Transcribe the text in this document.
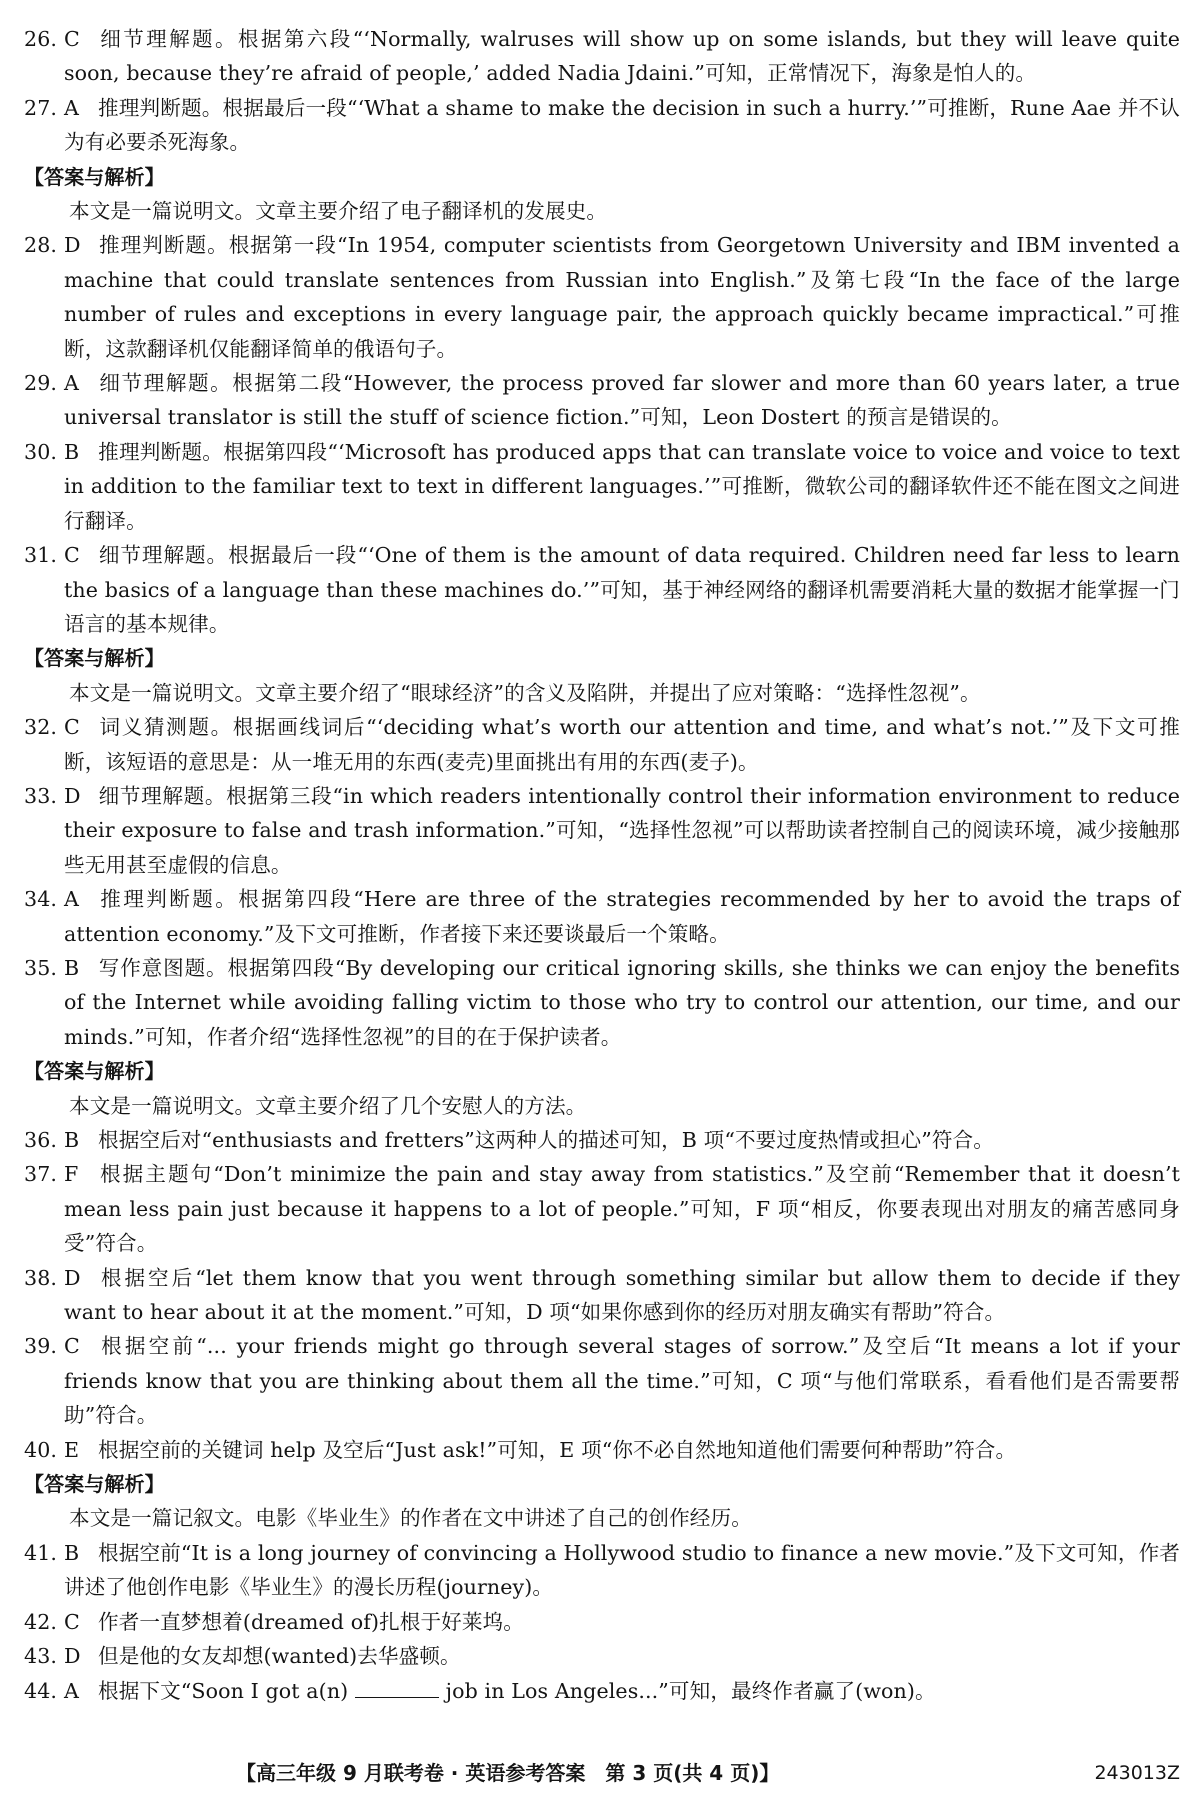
26. C 细节理解题。根据第六段“‘Normally, walruses will show up on some islands, but they will leave quite soon, because they’re afraid of people,’ added Nadia Jdaini.”可知，正常情况下，海象是怕人的。
27. A 推理判断题。根据最后一段“‘What a shame to make the decision in such a hurry.’”可推断，Rune Aae 并不认为有必要杀死海象。
【答案与解析】
本文是一篇说明文。文章主要介绍了电子翻译机的发展史。
28. D 推理判断题。根据第一段“In 1954, computer scientists from Georgetown University and IBM invented a machine that could translate sentences from Russian into English.”及第七段“In the face of the large number of rules and exceptions in every language pair, the approach quickly became impractical.”可推断，这款翻译机仅能翻译简单的俄语句子。
29. A 细节理解题。根据第二段“However, the process proved far slower and more than 60 years later, a true universal translator is still the stuff of science fiction.”可知，Leon Dostert 的预言是错误的。
30. B 推理判断题。根据第四段“‘Microsoft has produced apps that can translate voice to voice and voice to text in addition to the familiar text to text in different languages.’”可推断，微软公司的翻译软件还不能在图文之间进行翻译。
31. C 细节理解题。根据最后一段“‘One of them is the amount of data required. Children need far less to learn the basics of a language than these machines do.’”可知，基于神经网络的翻译机需要消耗大量的数据才能掌握一门语言的基本规律。
【答案与解析】
本文是一篇说明文。文章主要介绍了“眼球经济”的含义及陷阱，并提出了应对策略：“选择性忽视”。
32. C 词义猜测题。根据画线词后“‘deciding what’s worth our attention and time, and what’s not.’”及下文可推断，该短语的意思是：从一堆无用的东西(麦壳)里面挑出有用的东西(麦子)。
33. D 细节理解题。根据第三段“in which readers intentionally control their information environment to reduce their exposure to false and trash information.”可知，“选择性忽视”可以帮助读者控制自己的阅读环境，减少接触那些无用甚至虚假的信息。
34. A 推理判断题。根据第四段“Here are three of the strategies recommended by her to avoid the traps of attention economy.”及下文可推断，作者接下来还要谈最后一个策略。
35. B 写作意图题。根据第四段“By developing our critical ignoring skills, she thinks we can enjoy the benefits of the Internet while avoiding falling victim to those who try to control our attention, our time, and our minds.”可知，作者介绍“选择性忽视”的目的在于保护读者。
【答案与解析】
本文是一篇说明文。文章主要介绍了几个安慰人的方法。
36. B 根据空后对“enthusiasts and fretters”这两种人的描述可知，B 项“不要过度热情或担心”符合。
37. F 根据主题句“Don’t minimize the pain and stay away from statistics.”及空前“Remember that it doesn’t mean less pain just because it happens to a lot of people.”可知，F 项“相反，你要表现出对朋友的痛苦感同身受”符合。
38. D 根据空后“let them know that you went through something similar but allow them to decide if they want to hear about it at the moment.”可知，D 项“如果你感到你的经历对朋友确实有帮助”符合。
39. C 根据空前“... your friends might go through several stages of sorrow.”及空后“It means a lot if your friends know that you are thinking about them all the time.”可知，C 项“与他们常联系，看看他们是否需要帮助”符合。
40. E 根据空前的关键词 help 及空后“Just ask!”可知，E 项“你不必自然地知道他们需要何种帮助”符合。
【答案与解析】
本文是一篇记叙文。电影《毕业生》的作者在文中讲述了自己的创作经历。
41. B 根据空前“It is a long journey of convincing a Hollywood studio to finance a new movie.”及下文可知，作者讲述了他创作电影《毕业生》的漫长历程(journey)。
42. C 作者一直梦想着(dreamed of)扎根于好莱坞。
43. D 但是他的女友却想(wanted)去华盛顿。
44. A 根据下文“Soon I got a(n)	job in Los Angeles...”可知，最终作者赢了(won)。
【高三年级 9 月联考卷 · 英语参考答案　第 3 页(共 4 页)】	243013Z
